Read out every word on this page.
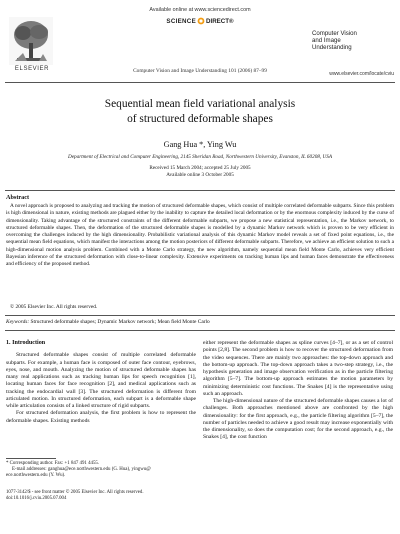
Available online at www.sciencedirect.com
SCIENCE DIRECT®
ELSEVIER
Computer Vision
and Image
Understanding
Computer Vision and Image Understanding 101 (2006) 87–99	www.elsevier.com/locate/cviu
Sequential mean field variational analysis
of structured deformable shapes
Gang Hua *, Ying Wu
Department of Electrical and Computer Engineering, 2145 Sheridan Road, Northwestern University, Evanston, IL 60208, USA
Received 15 March 2004; accepted 25 July 2005
Available online 3 October 2005
Abstract

A novel approach is proposed to analyzing and tracking the motion of structured deformable shapes, which consist of multiple correlated deformable subparts. Since this problem is high dimensional in nature, existing methods are plagued either by the inability to capture the detailed local deformation or by the enormous complexity induced by the curse of dimensionality. Taking advantage of the structured constraints of the different deformable subparts, we propose a new statistical representation, i.e., the Markov network, to structured deformable shapes. Then, the deformation of the structured deformable shapes is modelled by a dynamic Markov network which is proven to be very efficient in overcoming the challenges induced by the high dimensionality. Probabilistic variational analysis of this dynamic Markov model reveals a set of fixed point equations, i.e., the sequential mean field equations, which manifest the interactions among the motion posteriors of different deformable subparts. Therefore, we achieve an efficient solution to such a high-dimensional motion analysis problem. Combined with a Monte Carlo strategy, the new algorithm, namely sequential mean field Monte Carlo, achieves very efficient Bayesian inference of the structured deformation with close-to-linear complexity. Extensive experiments on tracking human lips and human faces demonstrate the effectiveness and efficiency of the proposed method.

© 2005 Elsevier Inc. All rights reserved.
Keywords: Structured deformable shapes; Dynamic Markov network; Mean field Monte Carlo
1. Introduction

Structured deformable shapes consist of multiple correlated deformable subparts. For example, a human face is composed of outer face contour, eyebrows, eyes, nose, and mouth. Analyzing the motion of structured deformable shapes has many real applications such as tracking human lips for speech recognition [1], locating human faces for face recognition [2], and medical applications such as tracking the endocardial wall [3]. The structured deformation is different from articulated motion. In structured deformation, each subpart is a deformable shape while articulation consists of a linked structure of rigid subparts.

For structured deformation analysis, the first problem is how to represent the deformable shapes. Existing methods

either represent the deformable shapes as spline curves [4–7], or as a set of control points [2,8]. The second problem is how to recover the structured deformation from the video sequences. There are mainly two approaches: the top-down approach and the bottom-up approach. The top-down approach takes a two-step strategy, i.e., the hypothesis generation and image observation verification as in the particle filtering algorithm [5–7]. The bottom-up approach estimates the motion parameters by minimizing deterministic cost functions. The Snakes [4] is the representative using such an approach.

The high-dimensional nature of the structured deformable shapes causes a lot of challenges. Both approaches mentioned above are confronted by the high dimensionality: for the first approach, e.g., the particle filtering algorithm [5–7], the number of particles needed to achieve a good result may increase exponentially with the dimensionality, so does the computation cost; for the second approach, e.g., the Snakes [4], the cost function

* Corresponding author. Fax: +1 847 491 4455.
E-mail addresses: ganghua@ece.northwestern.edu (G. Hua), yingwu@
ece.northwestern.edu (Y. Wu).
1077-3142/$ - see front matter © 2005 Elsevier Inc. All rights reserved.
doi:10.1016/j.cviu.2005.07.004
